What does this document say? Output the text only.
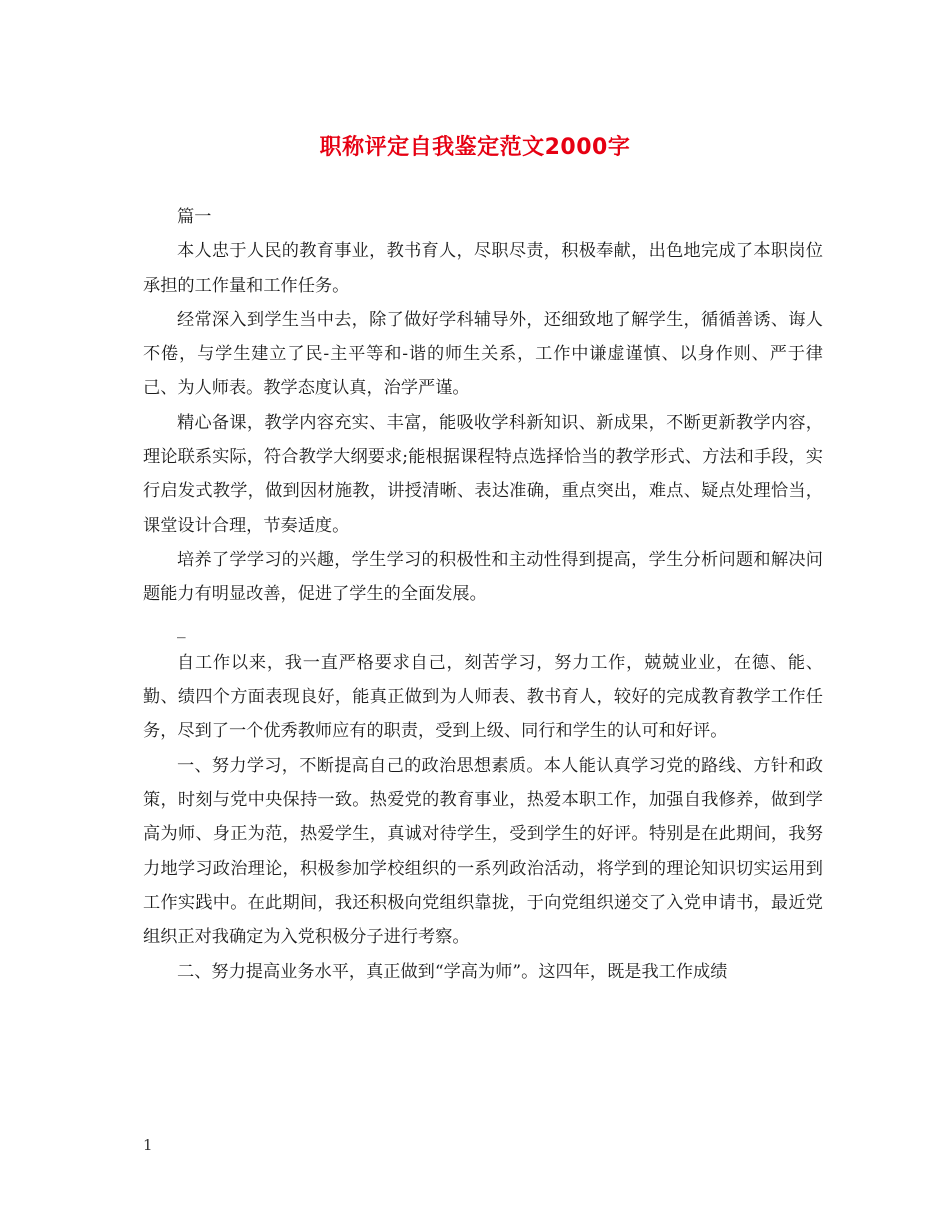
职称评定自我鉴定范文2000字

篇一

本人忠于人民的教育事业，教书育人，尽职尽责，积极奉献，出色地完成了本职岗位承担的工作量和工作任务。

经常深入到学生当中去，除了做好学科辅导外，还细致地了解学生，循循善诱、诲人不倦，与学生建立了民-主平等和-谐的师生关系，工作中谦虚谨慎、以身作则、严于律己、为人师表。教学态度认真，治学严谨。

精心备课，教学内容充实、丰富，能吸收学科新知识、新成果，不断更新教学内容，理论联系实际，符合教学大纲要求;能根据课程特点选择恰当的教学形式、方法和手段，实行启发式教学，做到因材施教，讲授清晰、表达准确，重点突出，难点、疑点处理恰当，课堂设计合理，节奏适度。

培养了学学习的兴趣，学生学习的积极性和主动性得到提高，学生分析问题和解决问题能力有明显改善，促进了学生的全面发展。

_

自工作以来，我一直严格要求自己，刻苦学习，努力工作，兢兢业业，在德、能、勤、绩四个方面表现良好，能真正做到为人师表、教书育人，较好的完成教育教学工作任务，尽到了一个优秀教师应有的职责，受到上级、同行和学生的认可和好评。

一、努力学习，不断提高自己的政治思想素质。本人能认真学习党的路线、方针和政策，时刻与党中央保持一致。热爱党的教育事业，热爱本职工作，加强自我修养，做到学高为师、身正为范，热爱学生，真诚对待学生，受到学生的好评。特别是在此期间，我努力地学习政治理论，积极参加学校组织的一系列政治活动，将学到的理论知识切实运用到工作实践中。在此期间，我还积极向党组织靠拢，于向党组织递交了入党申请书，最近党组织正对我确定为入党积极分子进行考察。

二、努力提高业务水平，真正做到“学高为师”。这四年，既是我工作成绩

1
